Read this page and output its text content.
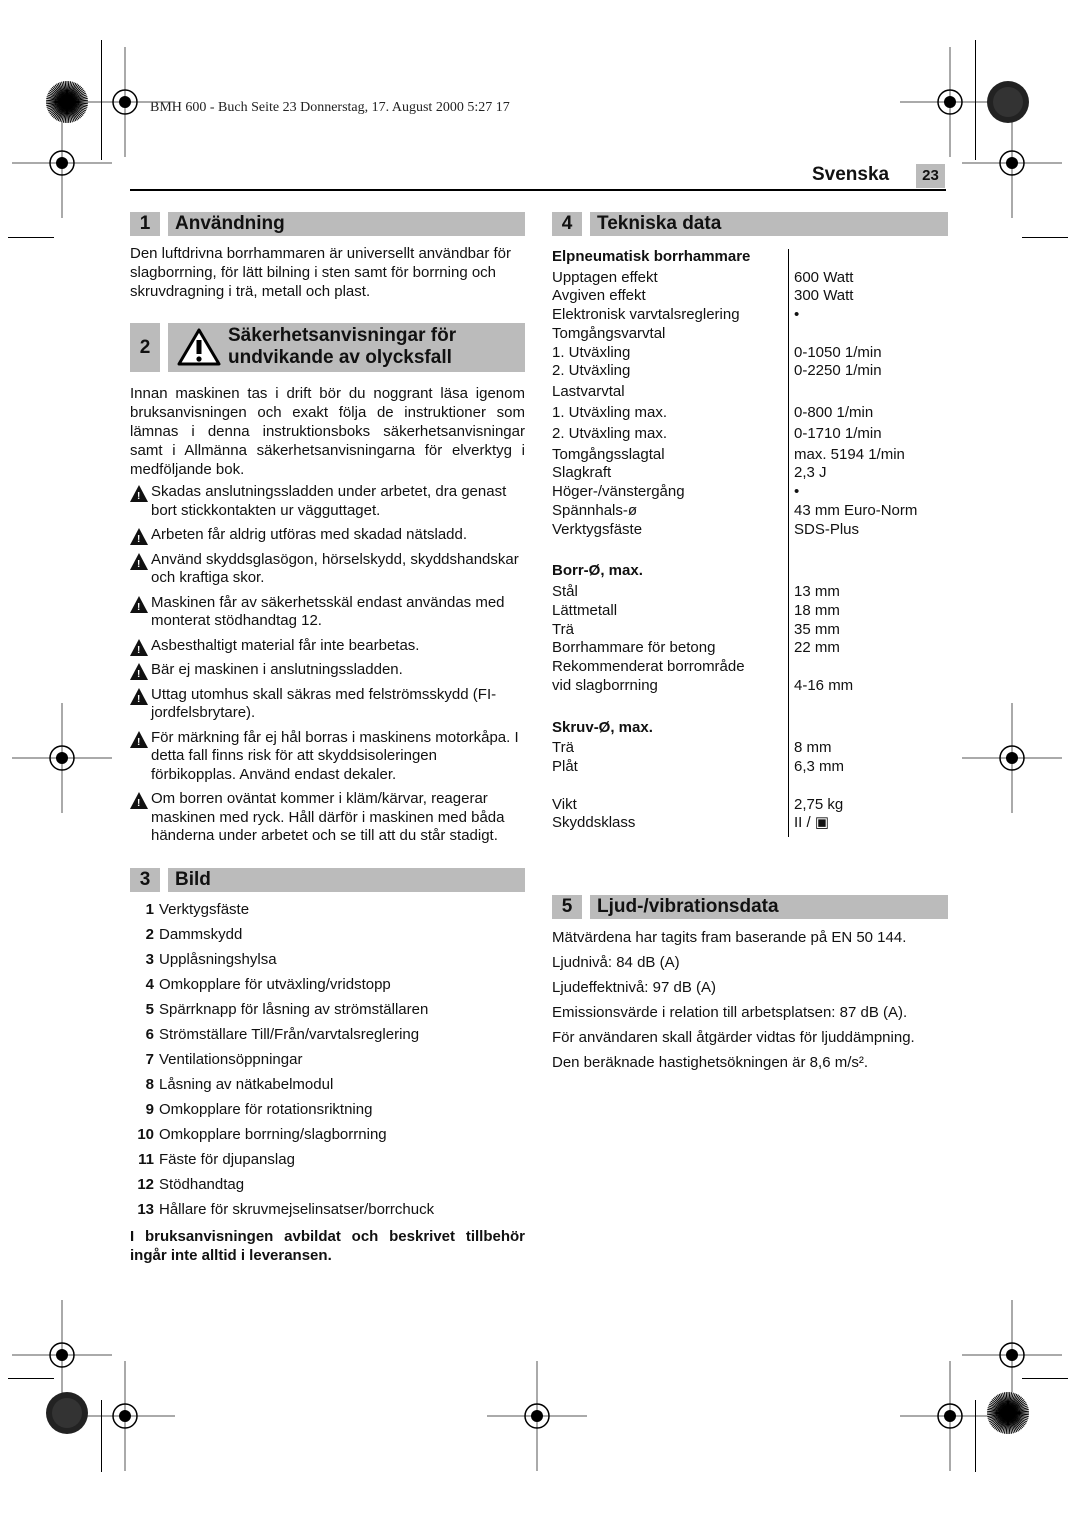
BMH 600 - Buch Seite 23 Donnerstag, 17. August 2000 5:27 17
Svenska	23
1	Användning
Den luftdrivna borrhammaren är universellt användbar för slagborrning, för lätt bilning i sten samt för borrning och skruvdragning i trä, metall och plast.
2
Säkerhetsanvisningar för
undvikande av olycksfall
Innan maskinen tas i drift bör du noggrant läsa igenom bruksanvisningen och exakt följa de instruktioner som lämnas i denna instruktionsboks säkerhetsanvisningar samt i Allmänna säkerhetsanvisningarna för elverktyg i medföljande bok.
!
Skadas anslutningssladden under arbetet, dra genast bort stickkontakten ur vägguttaget.
!
Arbeten får aldrig utföras med skadad nätsladd.
!
Använd skyddsglasögon, hörselskydd, skyddshandskar och kraftiga skor.
!
Maskinen får av säkerhetsskäl endast användas med monterat stödhandtag 12.
!
Asbesthaltigt material får inte bearbetas.
!
Bär ej maskinen i anslutningssladden.
!
Uttag utomhus skall säkras med felströmsskydd (FI- jordfelsbrytare).
!
För märkning får ej hål borras i maskinens motorkåpa. I detta fall finns risk för att skyddsisoleringen förbikopplas. Använd endast dekaler.
!
Om borren oväntat kommer i kläm/kärvar, reagerar maskinen med ryck. Håll därför i maskinen med båda händerna under arbetet och se till att du står stadigt.
3	Bild
1 Verktygsfäste
2 Dammskydd
3 Upplåsningshylsa
4 Omkopplare för utväxling/vridstopp
5 Spärrknapp för låsning av strömställaren
6 Strömställare Till/Från/varvtalsreglering
7 Ventilationsöppningar
8 Låsning av nätkabelmodul
9 Omkopplare för rotationsriktning
10 Omkopplare borrning/slagborrning
11 Fäste för djupanslag
12 Stödhandtag
13 Hållare för skruvmejselinsatser/borrchuck
I bruksanvisningen avbildat och beskrivet tillbehör ingår inte alltid i leveransen.
4	Tekniska data
Elpneumatisk borrhammare
Upptagen effekt	600 Watt
Avgiven effekt	300 Watt
Elektronisk varvtalsreglering	•
Tomgångsvarvtal
1. Utväxling	0-1050 1/min
2. Utväxling	0-2250 1/min
Lastvarvtal
1. Utväxling max.	0-800 1/min
2. Utväxling max.	0-1710 1/min
Tomgångsslagtal	max. 5194 1/min
Slagkraft	2,3 J
Höger-/vänstergång	•
Spännhals-ø	43 mm Euro-Norm
Verktygsfäste	SDS-Plus
Borr-Ø, max.
Stål	13 mm
Lättmetall	18 mm
Trä	35 mm
Borrhammare för betong	22 mm
Rekommenderat borrområde
vid slagborrning	4-16 mm
Skruv-Ø, max.
Trä	8 mm
Plåt	6,3 mm
Vikt	2,75 kg
Skyddsklass	II / ▣
5	Ljud-/vibrationsdata
Mätvärdena har tagits fram baserande på EN 50 144.
Ljudnivå: 84 dB (A)
Ljudeffektnivå: 97 dB (A)
Emissionsvärde i relation till arbetsplatsen: 87 dB (A).
För användaren skall åtgärder vidtas för ljuddämpning.
Den beräknade hastighetsökningen är 8,6 m/s².
